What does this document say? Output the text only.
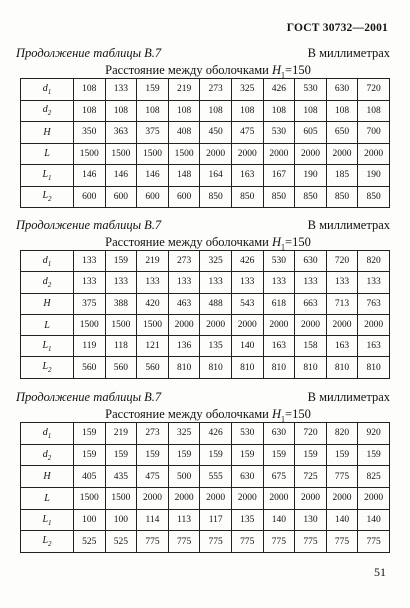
ГОСТ 30732—2001
Продолжение таблицы В.7	В миллиметрах
Расстояние между оболочками $H_1=150$
$d_1$	108	133	159	219	273	325	426	530	630	720
$d_2$	108	108	108	108	108	108	108	108	108	108
H	350	363	375	408	450	475	530	605	650	700
L	1500	1500	1500	1500	2000	2000	2000	2000	2000	2000
$L_1$	146	146	146	148	164	163	167	190	185	190
$L_2$	600	600	600	600	850	850	850	850	850	850
Продолжение таблицы В.7	В миллиметрах
Расстояние между оболочками $H_1=150$
$d_1$	133	159	219	273	325	426	530	630	720	820
$d_2$	133	133	133	133	133	133	133	133	133	133
H	375	388	420	463	488	543	618	663	713	763
L	1500	1500	1500	2000	2000	2000	2000	2000	2000	2000
$L_1$	119	118	121	136	135	140	163	158	163	163
$L_2$	560	560	560	810	810	810	810	810	810	810
Продолжение таблицы В.7	В миллиметрах
Расстояние между оболочками $H_1=150$
$d_1$	159	219	273	325	426	530	630	720	820	920
$d_2$	159	159	159	159	159	159	159	159	159	159
H	405	435	475	500	555	630	675	725	775	825
L	1500	1500	2000	2000	2000	2000	2000	2000	2000	2000
$L_1$	100	100	114	113	117	135	140	130	140	140
$L_2$	525	525	775	775	775	775	775	775	775	775
51
